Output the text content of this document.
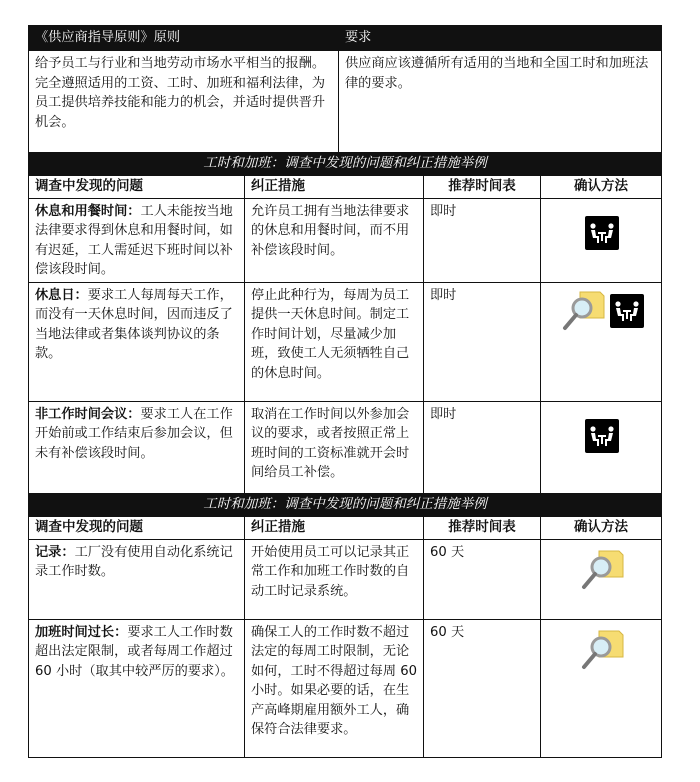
《供应商指导原则》原则	要求
给予员工与行业和当地劳动市场水平相当的报酬。完全遵照适用的工资、工时、加班和福利法律，为员工提供培养技能和能力的机会，并适时提供晋升机会。	供应商应该遵循所有适用的当地和全国工时和加班法律的要求。
工时和加班：调查中发现的问题和纠正措施举例			
调查中发现的问题	纠正措施	推荐时间表	确认方法
休息和用餐时间：工人未能按当地法律要求得到休息和用餐时间，如有迟延，工人需延迟下班时间以补偿该段时间。	允许员工拥有当地法律要求的休息和用餐时间，而不用补偿该段时间。	即时	

休息日：要求工人每周每天工作，而没有一天休息时间，因而违反了当地法律或者集体谈判协议的条款。	停止此种行为，每周为员工提供一天休息时间。制定工作时间计划，尽量减少加班，致使工人无须牺牲自己的休息时间。	即时	

非工作时间会议：要求工人在工作开始前或工作结束后参加会议，但未有补偿该段时间。	取消在工作时间以外参加会议的要求，或者按照正常上班时间的工资标准就开会时间给员工补偿。	即时	
工时和加班：调查中发现的问题和纠正措施举例			
调查中发现的问题	纠正措施	推荐时间表	确认方法
记录：工厂没有使用自动化系统记录工作时数。	开始使用员工可以记录其正常工作和加班工作时数的自动工时记录系统。	60 天	

加班时间过长：要求工人工作时数超出法定限制，或者每周工作超过 60 小时（取其中较严厉的要求）。	确保工人的工作时数不超过法定的每周工时限制，无论如何，工时不得超过每周 60 小时。如果必要的话，在生产高峰期雇用额外工人，确保符合法律要求。	60 天	
